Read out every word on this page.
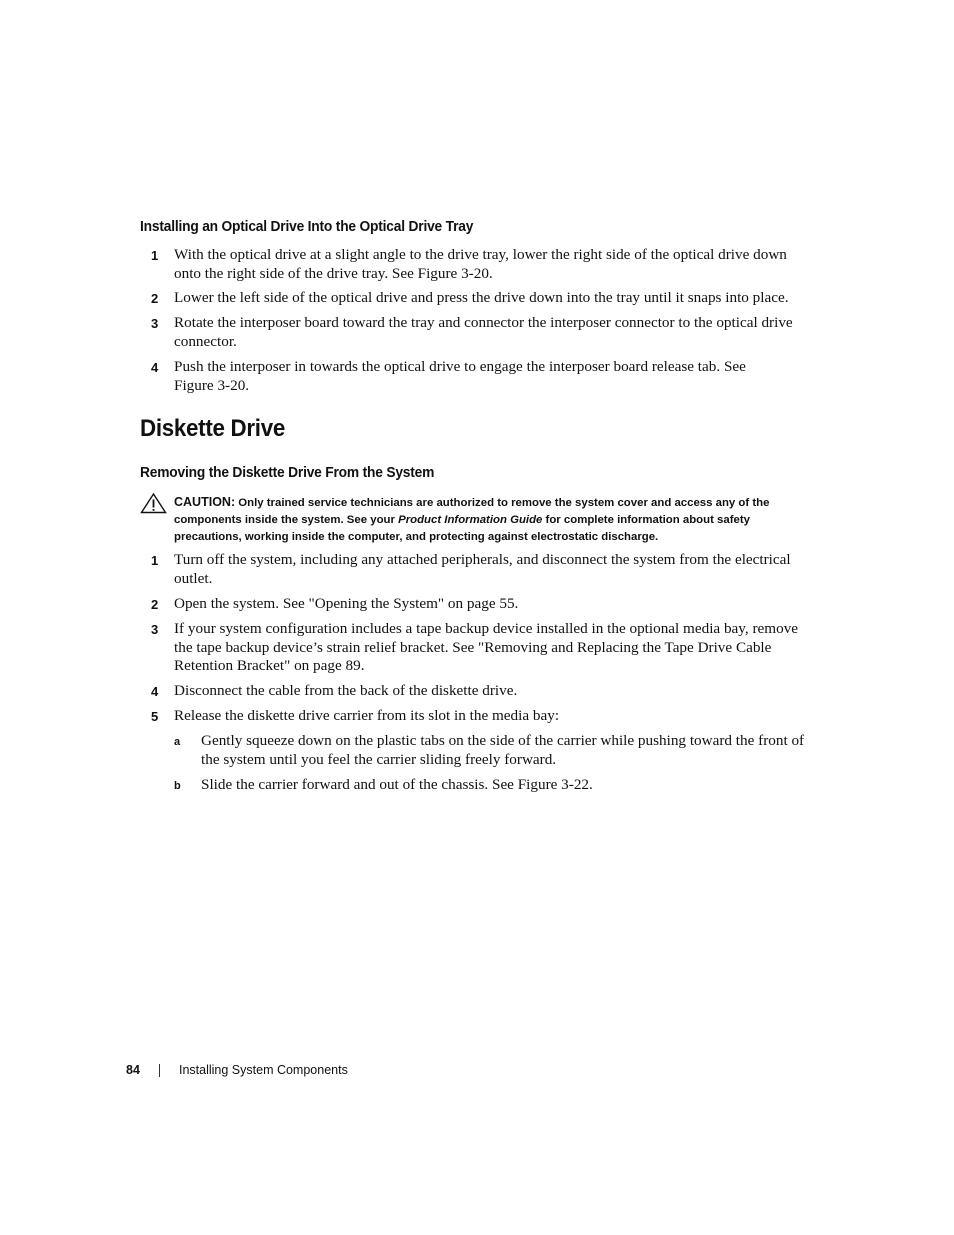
Installing an Optical Drive Into the Optical Drive Tray
1 With the optical drive at a slight angle to the drive tray, lower the right side of the optical drive down onto the right side of the drive tray. See Figure 3-20.
2 Lower the left side of the optical drive and press the drive down into the tray until it snaps into place.
3 Rotate the interposer board toward the tray and connector the interposer connector to the optical drive connector.
4 Push the interposer in towards the optical drive to engage the interposer board release tab. See Figure 3-20.
Diskette Drive
Removing the Diskette Drive From the System
CAUTION: Only trained service technicians are authorized to remove the system cover and access any of the components inside the system. See your Product Information Guide for complete information about safety precautions, working inside the computer, and protecting against electrostatic discharge.
1 Turn off the system, including any attached peripherals, and disconnect the system from the electrical outlet.
2 Open the system. See "Opening the System" on page 55.
3 If your system configuration includes a tape backup device installed in the optional media bay, remove the tape backup device’s strain relief bracket. See "Removing and Replacing the Tape Drive Cable Retention Bracket" on page 89.
4 Disconnect the cable from the back of the diskette drive.
5 Release the diskette drive carrier from its slot in the media bay:
a Gently squeeze down on the plastic tabs on the side of the carrier while pushing toward the front of the system until you feel the carrier sliding freely forward.
b Slide the carrier forward and out of the chassis. See Figure 3-22.
84	Installing System Components
